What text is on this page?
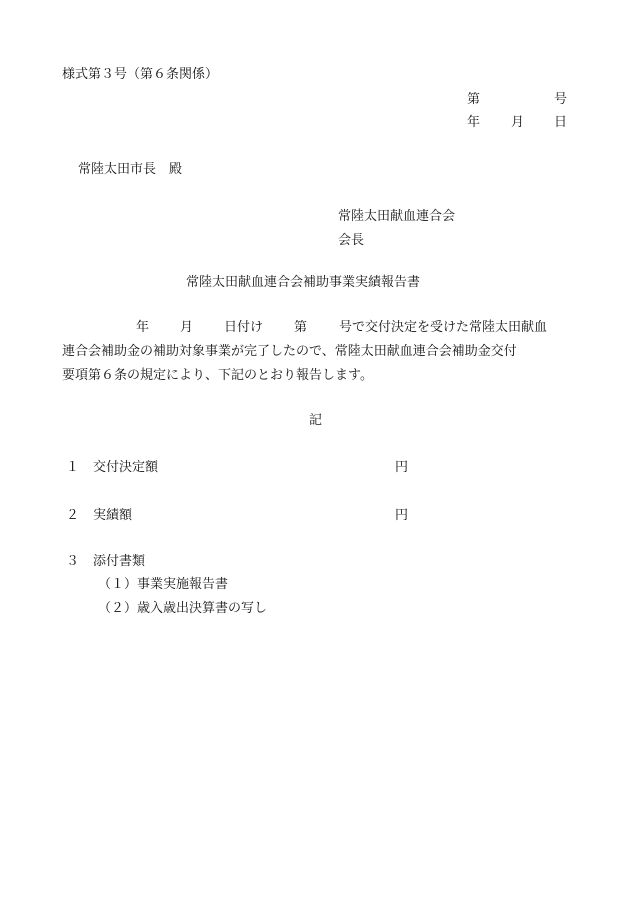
様式第３号（第６条関係）
第	号
年 月 日
常陸太田市長　殿
常陸太田献血連合会
会長
常陸太田献血連合会補助事業実績報告書
年 月 日付け 第 号で交付決定を受けた常陸太田献血
連合会補助金の補助対象事業が完了したので、常陸太田献血連合会補助金交付
要項第６条の規定により、下記のとおり報告します。
記
１ 交付決定額	円
２ 実績額	円
３ 添付書類
（１）事業実施報告書
（２）歳入歳出決算書の写し
